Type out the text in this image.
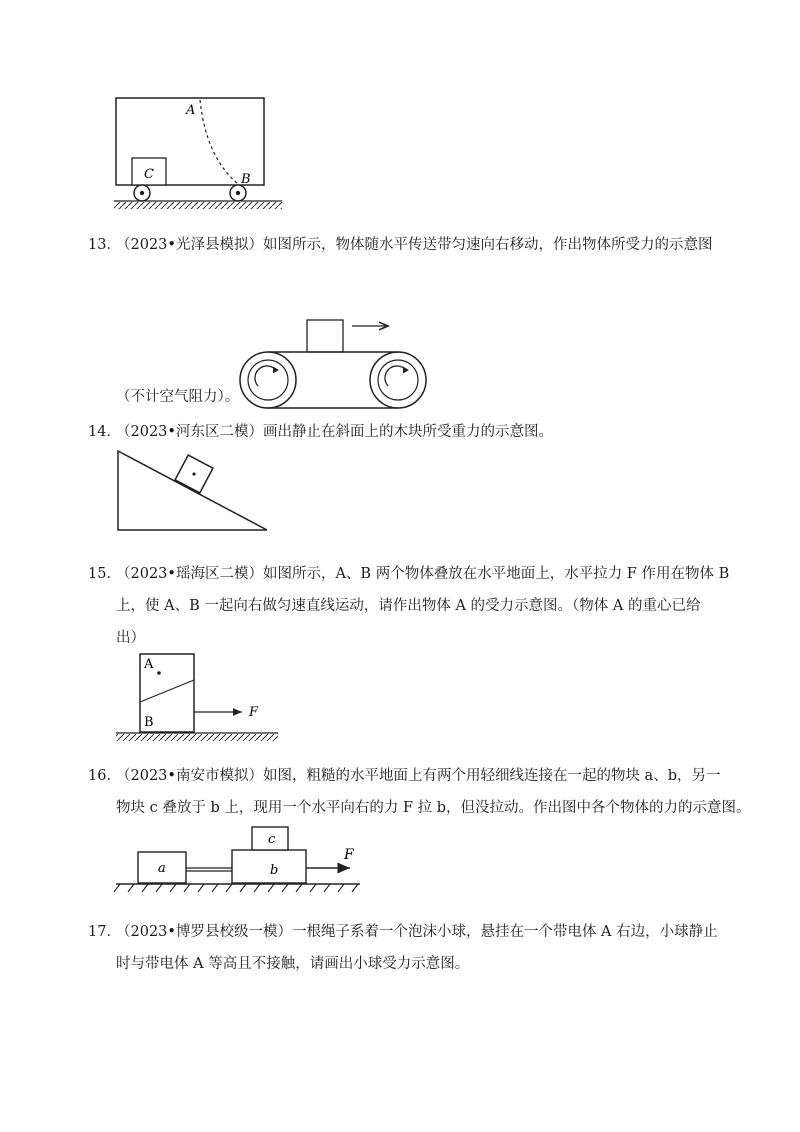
C
A
B
13．
（2023•光泽县模拟）如图所示，物体随水平传送带匀速向右移动，作出物体所受力的示意图
（不计空气阻力）。
14．
（2023•河东区二模）画出静止在斜面上的木块所受重力的示意图。
15．
（2023•瑶海区二模）如图所示，A、B 两个物体叠放在水平地面上，水平拉力 F 作用在物体 B
上，使 A、B 一起向右做匀速直线运动，请作出物体 A 的受力示意图。（物体 A 的重心已给
出）
A
B
F
16．
（2023•南安市模拟）如图，粗糙的水平地面上有两个用轻细线连接在一起的物块 a、b，另一
物块 c 叠放于 b 上，现用一个水平向右的力 F 拉 b，但没拉动。作出图中各个物体的力的示意图。
a	b
c
F
17．
（2023•博罗县校级一模）一根绳子系着一个泡沫小球，悬挂在一个带电体 A 右边，小球静止
时与带电体 A 等高且不接触，请画出小球受力示意图。
